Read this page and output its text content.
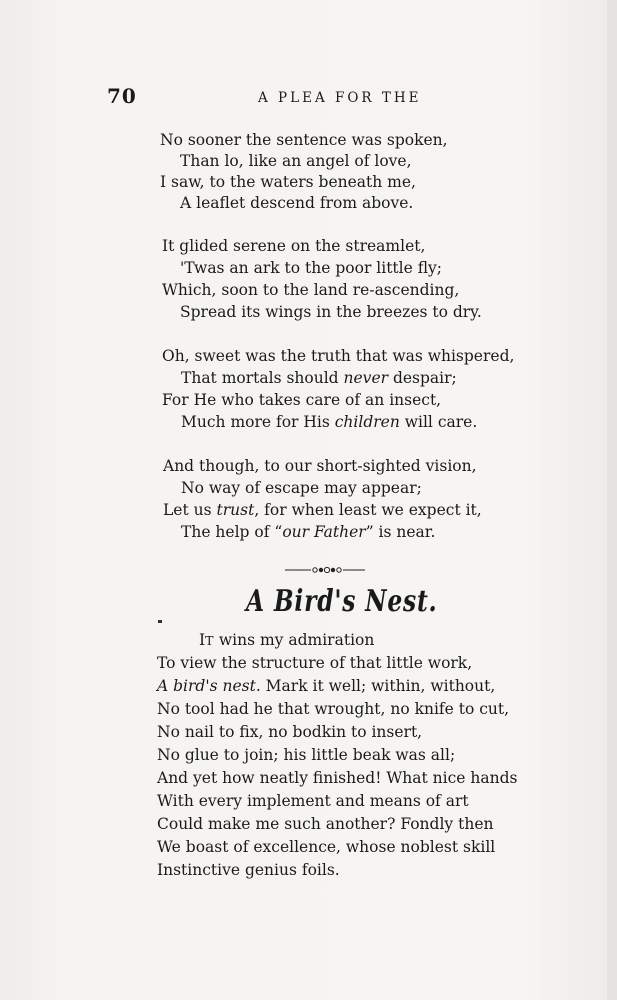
70	A PLEA FOR THE
No sooner the sentence was spoken,
Than lo, like an angel of love,
I saw, to the waters beneath me,
A leaflet descend from above.
It glided serene on the streamlet,
'Twas an ark to the poor little fly;
Which, soon to the land re-ascending,
Spread its wings in the breezes to dry.
Oh, sweet was the truth that was whispered,
That mortals should never despair;
For He who takes care of an insect,
Much more for His children will care.
And though, to our short-sighted vision,
No way of escape may appear;
Let us trust, for when least we expect it,
The help of “our Father” is near.
A Bird's Nest.
IT wins my admiration
To view the structure of that little work,
A bird's nest. Mark it well; within, without,
No tool had he that wrought, no knife to cut,
No nail to fix, no bodkin to insert,
No glue to join; his little beak was all;
And yet how neatly finished! What nice hands
With every implement and means of art
Could make me such another? Fondly then
We boast of excellence, whose noblest skill
Instinctive genius foils.
